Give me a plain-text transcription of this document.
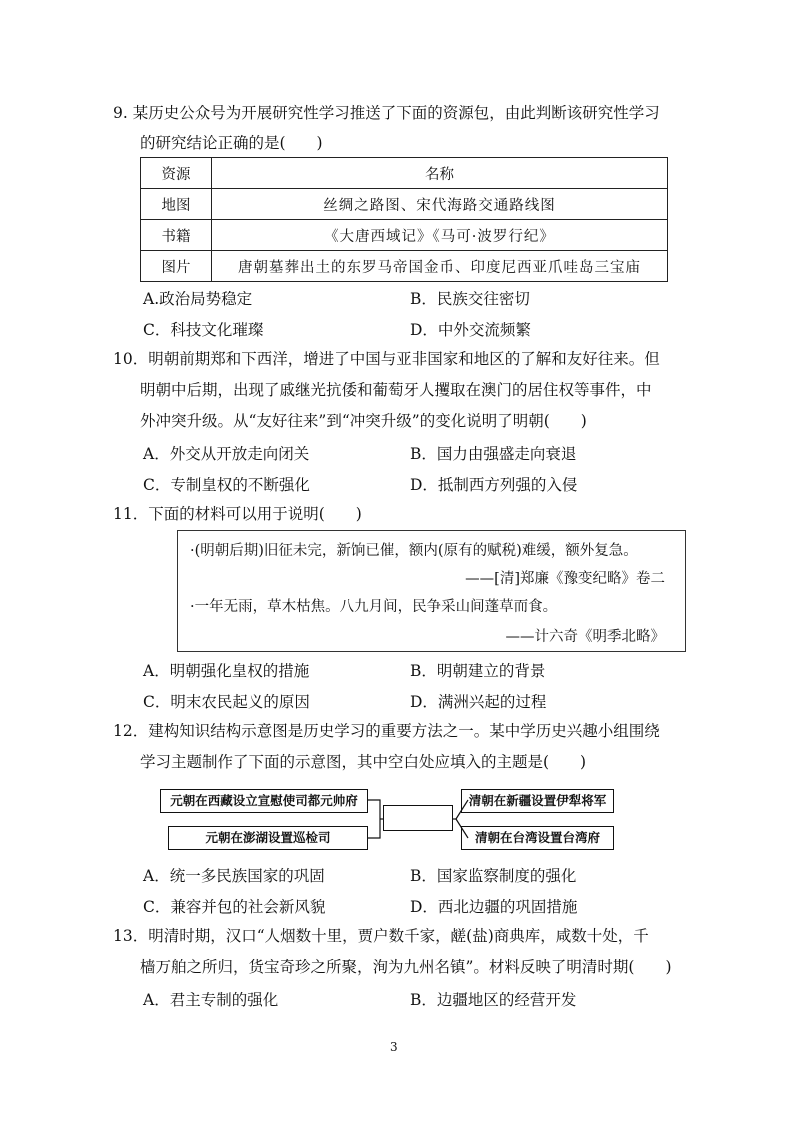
9. 某历史公众号为开展研究性学习推送了下面的资源包，由此判断该研究性学习
的研究结论正确的是(　　)
资源	名称
地图	丝绸之路图、宋代海路交通路线图
书籍	《大唐西域记》《马可·波罗行纪》
图片	唐朝墓葬出土的东罗马帝国金币、印度尼西亚爪哇岛三宝庙
A.政治局势稳定	B．民族交往密切
C．科技文化璀璨	D．中外交流频繁
10．明朝前期郑和下西洋，增进了中国与亚非国家和地区的了解和友好往来。但
明朝中后期，出现了戚继光抗倭和葡萄牙人攫取在澳门的居住权等事件，中
外冲突升级。从“友好往来”到“冲突升级”的变化说明了明朝(　　)
A．外交从开放走向闭关	B．国力由强盛走向衰退
C．专制皇权的不断强化	D．抵制西方列强的入侵
11．下面的材料可以用于说明(　　)
·(明朝后期)旧征未完，新饷已催，额内(原有的赋税)难缓，额外复急。
——[清]郑廉《豫变纪略》卷二
·一年无雨，草木枯焦。八九月间，民争采山间蓬草而食。
——计六奇《明季北略》
A．明朝强化皇权的措施	B．明朝建立的背景
C．明末农民起义的原因	D．满洲兴起的过程
12．建构知识结构示意图是历史学习的重要方法之一。某中学历史兴趣小组围绕
学习主题制作了下面的示意图，其中空白处应填入的主题是(　　)
元朝在西藏设立宣慰使司都元帅府
元朝在澎湖设置巡检司
清朝在新疆设置伊犁将军
清朝在台湾设置台湾府
A．统一多民族国家的巩固	B．国家监察制度的强化
C．兼容并包的社会新风貌	D．西北边疆的巩固措施
13．明清时期，汉口“人烟数十里，贾户数千家，鹾(盐)商典库，咸数十处，千
樯万舶之所归，货宝奇珍之所聚，洵为九州名镇”。材料反映了明清时期(　　)
A．君主专制的强化	B．边疆地区的经营开发
3
